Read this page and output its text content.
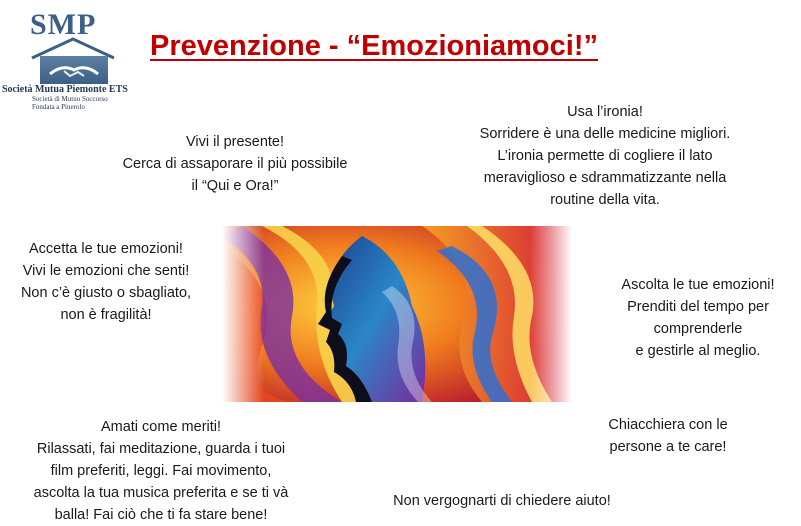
SMP
Società Mutua Piemonte ETS
Società di Mutuo Soccorso
Fondata a Pinerolo
Prevenzione - “Emozioniamoci!”
Vivi il presente!
Cerca di assaporare il più possibile
il “Qui e Ora!”
Usa l’ironia!
Sorridere è una delle medicine migliori.
L’ironia permette di cogliere il lato
meraviglioso e sdrammatizzante nella
routine della vita.
Accetta le tue emozioni!
Vivi le emozioni che senti!
Non c’è giusto o sbagliato,
non è fragilità!
Ascolta le tue emozioni!
Prenditi del tempo per
comprenderle
e gestirle al meglio.
Amati come meriti!
Rilassati, fai meditazione, guarda i tuoi
film preferiti, leggi. Fai movimento,
ascolta la tua musica preferita e se ti và
balla! Fai ciò che ti fa stare bene!
Chiacchiera con le
persone a te care!
Non vergognarti di chiedere aiuto!
